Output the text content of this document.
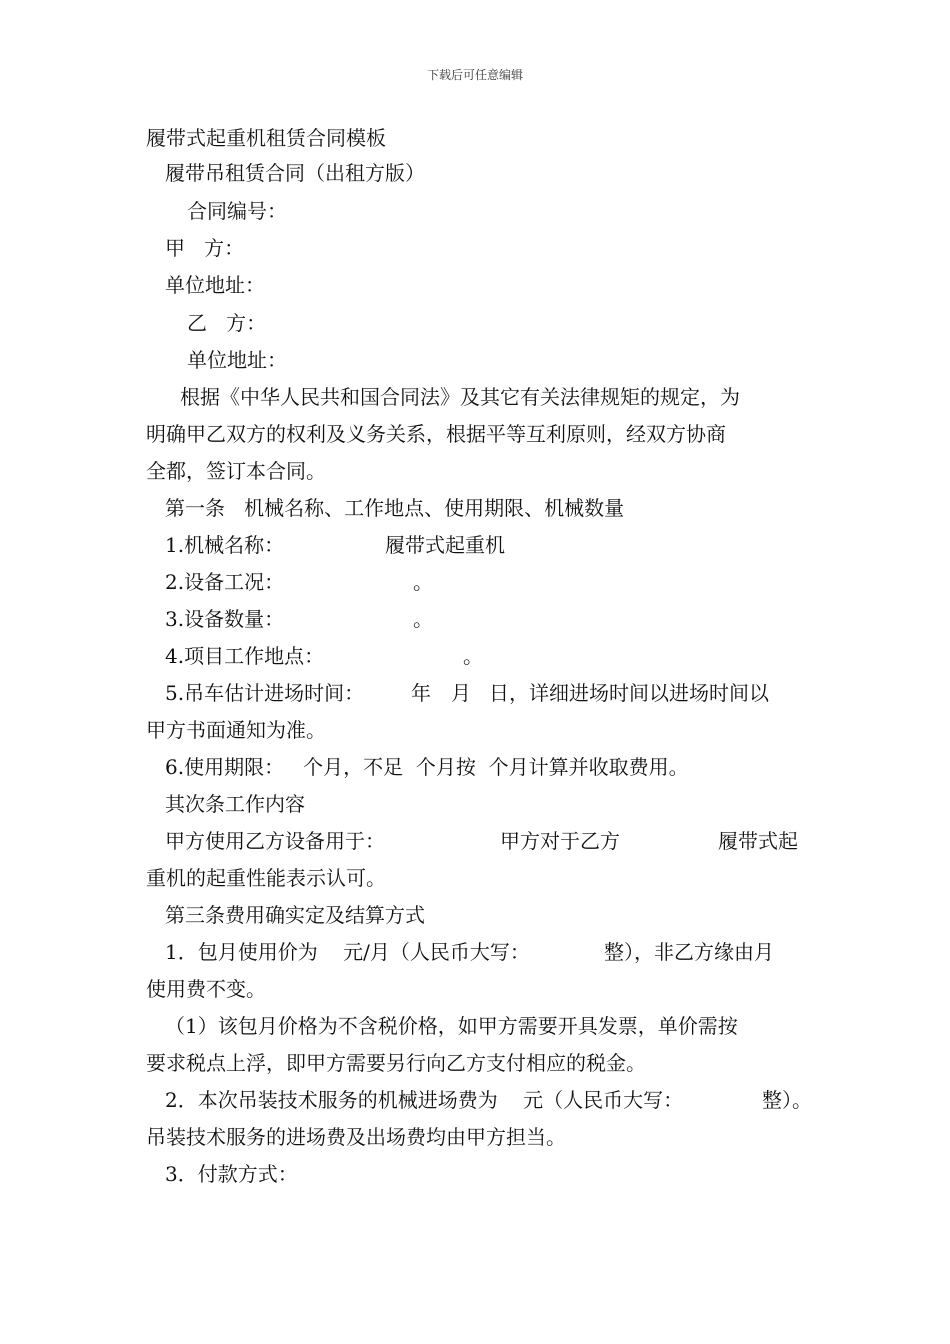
下载后可任意编辑
履带式起重机租赁合同模板
履带吊租赁合同（出租方版）
合同编号：
甲   方：
单位地址：
乙   方：
单位地址：
根据《中华人民共和国合同法》及其它有关法律规矩的规定，为
明确甲乙双方的权利及义务关系，根据平等互利原则，经双方协商
全都，签订本合同。
第一条   机械名称、工作地点、使用期限、机械数量
1.机械名称：	履带式起重机
2.设备工况：	。
3.设备数量：	。
4.项目工作地点：	。
5.吊车估计进场时间： 年 月 日，详细进场时间以进场时间以
甲方书面通知为准。
6.使用期限：   个月，不足  个月按  个月计算并收取费用。
其次条工作内容
甲方使用乙方设备用于：	甲方对于乙方	履带式起
重机的起重性能表示认可。
第三条费用确实定及结算方式
1．包月使用价为    元/月（人民币大写：	整），非乙方缘由月
使用费不变。
（1）该包月价格为不含税价格，如甲方需要开具发票，单价需按
要求税点上浮，即甲方需要另行向乙方支付相应的税金。
2．本次吊装技术服务的机械进场费为    元（人民币大写：	整）。
吊装技术服务的进场费及出场费均由甲方担当。
3．付款方式：
